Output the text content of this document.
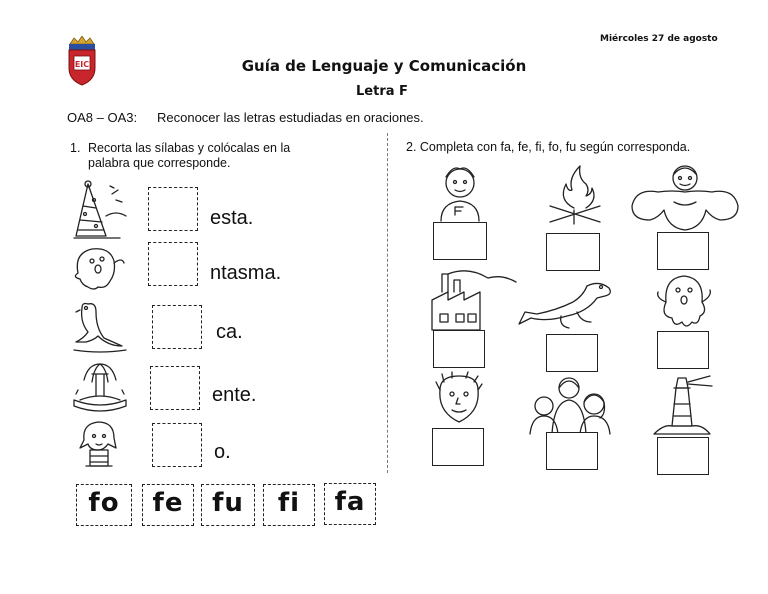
EIC
Miércoles 27 de agosto
Guía de Lenguaje y Comunicación
Letra F
OA8 – OA3: Reconocer las letras estudiadas en oraciones.
1. Recorta las sílabas y colócalas en la
palabra que corresponde.
esta.
ntasma.
ca.
ente.
o.
fo	fe	fu	fi	fa
2. Completa con fa, fe, fi, fo, fu según corresponda.
